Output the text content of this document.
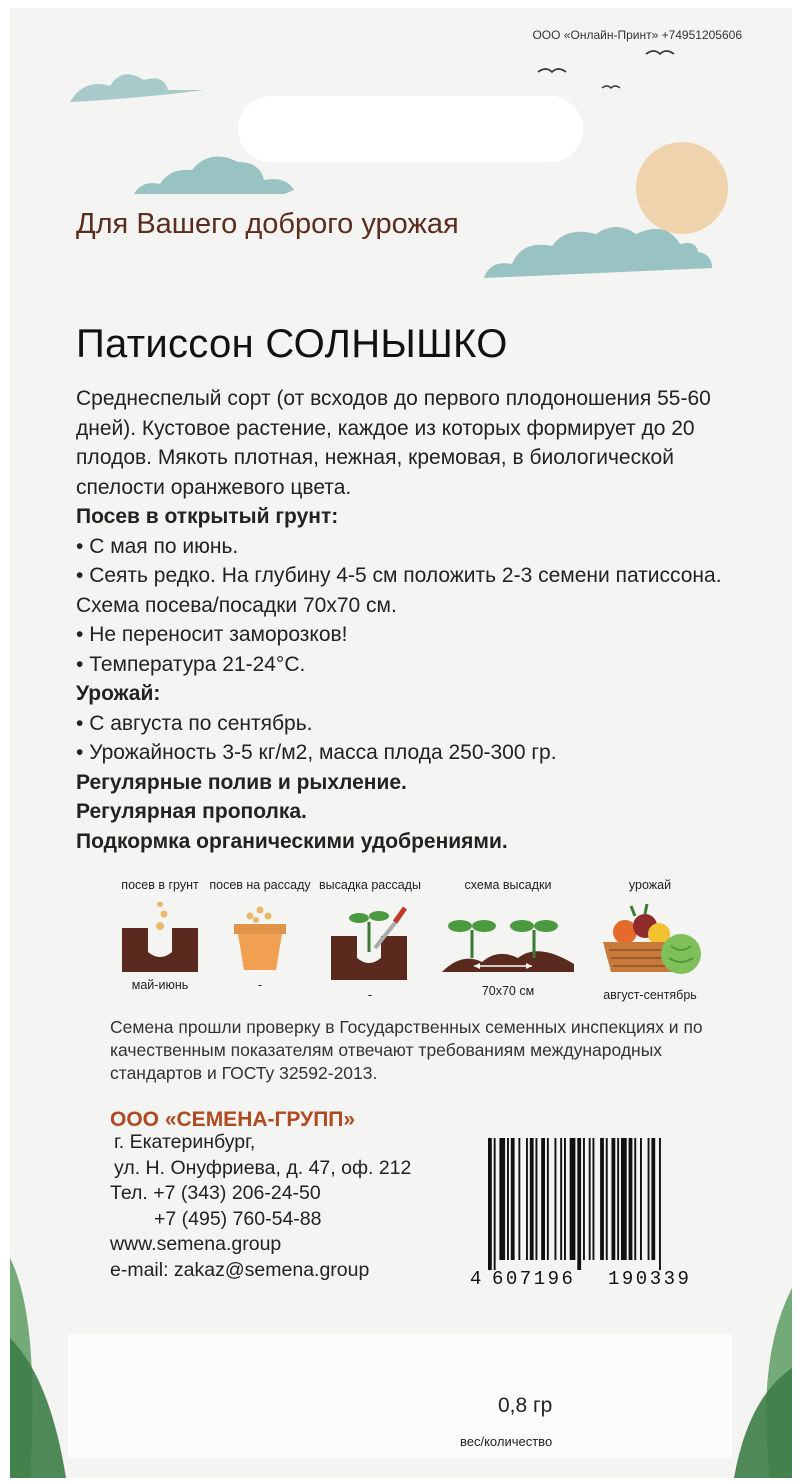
ООО «Онлайн-Принт» +74951205606
Для Вашего доброго урожая
Патиссон СОЛНЫШКО

Среднеспелый сорт (от всходов до первого плодоношения 55-60 дней). Кустовое растение, каждое из которых формирует до 20 плодов. Мякоть плотная, нежная, кремовая, в биологической спелости оранжевого цвета.

Посев в открытый грунт:

• С мая по июнь.

• Сеять редко. На глубину 4-5 см положить 2-3 семени патиссона. Схема посева/посадки 70х70 см.

• Не переносит заморозков!

• Температура 21-24°С.

Урожай:

• С августа по сентябрь.

• Урожайность 3-5 кг/м2, масса плода 250-300 гр.

Регулярные полив и рыхление.

Регулярная прополка.

Подкормка органическими удобрениями.

посев в грунт
май-июнь
посев на рассаду
-
высадка рассады
-
схема высадки
70х70 см
урожай
август-сентябрь
Семена прошли проверку в Государственных семенных инспекциях и по качественным показателям отвечают требованиям международных стандартов и ГОСТу 32592-2013.
ООО «СЕМЕНА-ГРУПП»
г. Екатеринбург,
ул. Н. Онуфриева, д. 47, оф. 212
Тел. +7 (343) 206-24-50
+7 (495) 760-54-88
www.semena.group
e-mail: zakaz@semena.group	4 607196 190339
0,8 гр
вес/количество
